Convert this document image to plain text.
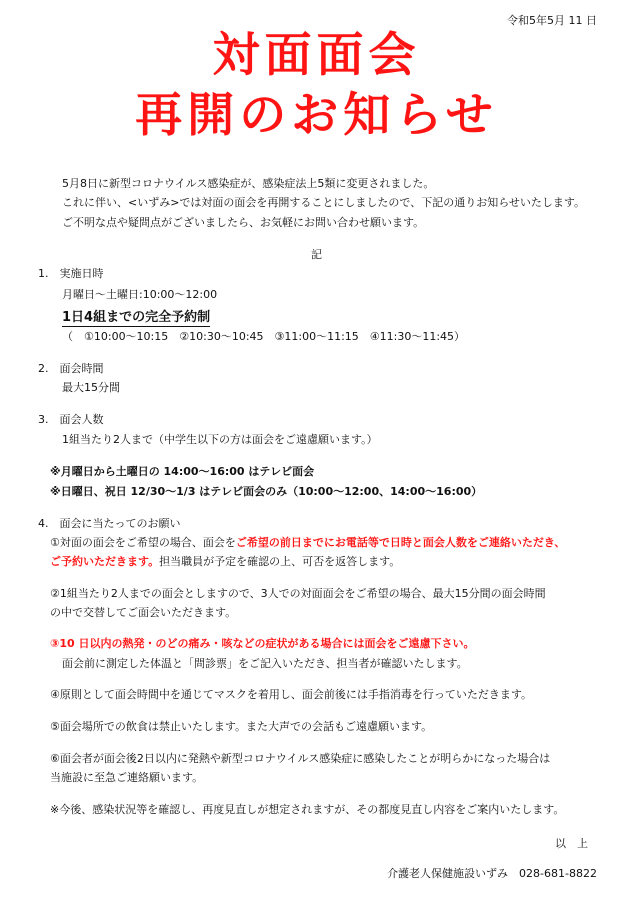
令和5年5月 11 日
対面面会
再開のお知らせ
5月8日に新型コロナウイルス感染症が、感染症法上5類に変更されました。
これに伴い、<いずみ>では対面の面会を再開することにしましたので、下記の通りお知らせいたします。
ご不明な点や疑問点がございましたら、お気軽にお問い合わせ願います。
記
1.　実施日時
月曜日～土曜日:10:00～12:00
1日4組までの完全予約制
（　①10:00～10:15　②10:30～10:45　③11:00～11:15　④11:30～11:45）
2.　面会時間
最大15分間
3.　面会人数
1組当たり2人まで（中学生以下の方は面会をご遠慮願います。）
※月曜日から土曜日の 14:00～16:00 はテレビ面会
※日曜日、祝日 12/30～1/3 はテレビ面会のみ（10:00～12:00、14:00～16:00）
4.　面会に当たってのお願い
①対面の面会をご希望の場合、面会をご希望の前日までにお電話等で日時と面会人数をご連絡いただき、
ご予約いただきます。担当職員が予定を確認の上、可否を返答します。
②1組当たり2人までの面会としますので、3人での対面面会をご希望の場合、最大15分間の面会時間
の中で交替してご面会いただきます。
③10 日以内の熱発・のどの痛み・咳などの症状がある場合には面会をご遠慮下さい。
面会前に測定した体温と「問診票」をご記入いただき、担当者が確認いたします。
④原則として面会時間中を通じてマスクを着用し、面会前後には手指消毒を行っていただきます。
⑤面会場所での飲食は禁止いたします。また大声での会話もご遠慮願います。
⑥面会者が面会後2日以内に発熱や新型コロナウイルス感染症に感染したことが明らかになった場合は
当施設に至急ご連絡願います。
※今後、感染状況等を確認し、再度見直しが想定されますが、その都度見直し内容をご案内いたします。
以　上
介護老人保健施設いずみ　028-681-8822
